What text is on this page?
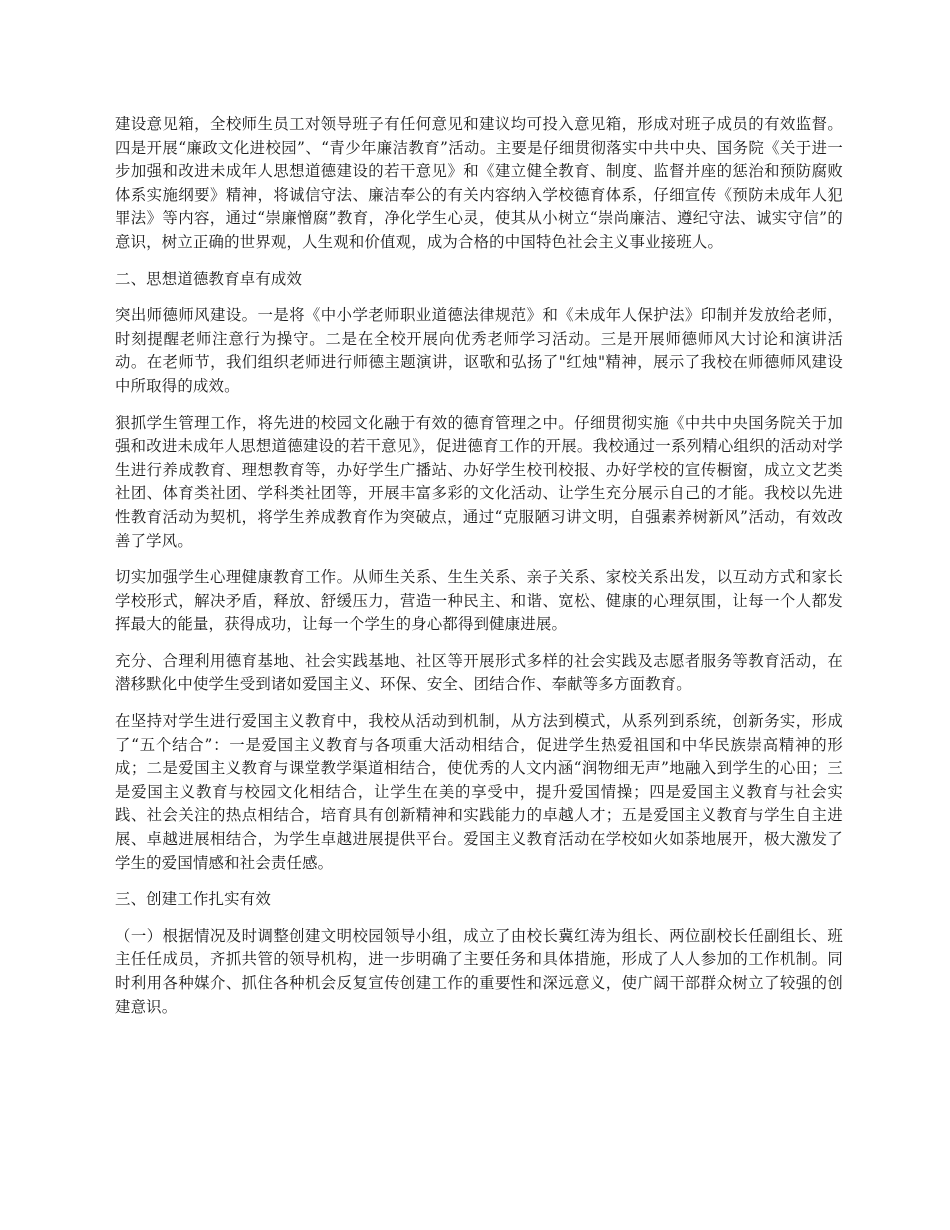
建设意见箱，全校师生员工对领导班子有任何意见和建议均可投入意见箱，形成对班子成员的有效监督。四是开展“廉政文化进校园”、“青少年廉洁教育”活动。主要是仔细贯彻落实中共中央、国务院《关于进一步加强和改进未成年人思想道德建设的若干意见》和《建立健全教育、制度、监督并座的惩治和预防腐败体系实施纲要》精神，将诚信守法、廉洁奉公的有关内容纳入学校德育体系，仔细宣传《预防未成年人犯罪法》等内容，通过“崇廉憎腐”教育，净化学生心灵，使其从小树立“崇尚廉洁、遵纪守法、诚实守信”的意识，树立正确的世界观，人生观和价值观，成为合格的中国特色社会主义事业接班人。

二、思想道德教育卓有成效

突出师德师风建设。一是将《中小学老师职业道德法律规范》和《未成年人保护法》印制并发放给老师，时刻提醒老师注意行为操守。二是在全校开展向优秀老师学习活动。三是开展师德师风大讨论和演讲活动。在老师节，我们组织老师进行师德主题演讲，讴歌和弘扬了"红烛"精神，展示了我校在师德师风建设中所取得的成效。

狠抓学生管理工作，将先进的校园文化融于有效的德育管理之中。仔细贯彻实施《中共中央国务院关于加强和改进未成年人思想道德建设的若干意见》，促进德育工作的开展。我校通过一系列精心组织的活动对学生进行养成教育、理想教育等，办好学生广播站、办好学生校刊校报、办好学校的宣传橱窗，成立文艺类社团、体育类社团、学科类社团等，开展丰富多彩的文化活动、让学生充分展示自己的才能。我校以先进性教育活动为契机，将学生养成教育作为突破点，通过“克服陋习讲文明，自强素养树新风”活动，有效改善了学风。

切实加强学生心理健康教育工作。从师生关系、生生关系、亲子关系、家校关系出发，以互动方式和家长学校形式，解决矛盾，释放、舒缓压力，营造一种民主、和谐、宽松、健康的心理氛围，让每一个人都发挥最大的能量，获得成功，让每一个学生的身心都得到健康进展。

充分、合理利用德育基地、社会实践基地、社区等开展形式多样的社会实践及志愿者服务等教育活动，在潜移默化中使学生受到诸如爱国主义、环保、安全、团结合作、奉献等多方面教育。

在坚持对学生进行爱国主义教育中，我校从活动到机制，从方法到模式，从系列到系统，创新务实，形成了“五个结合”：一是爱国主义教育与各项重大活动相结合，促进学生热爱祖国和中华民族崇高精神的形成；二是爱国主义教育与课堂教学渠道相结合，使优秀的人文内涵“润物细无声”地融入到学生的心田；三是爱国主义教育与校园文化相结合，让学生在美的享受中，提升爱国情操；四是爱国主义教育与社会实践、社会关注的热点相结合，培育具有创新精神和实践能力的卓越人才；五是爱国主义教育与学生自主进展、卓越进展相结合，为学生卓越进展提供平台。爱国主义教育活动在学校如火如荼地展开，极大激发了学生的爱国情感和社会责任感。

三、创建工作扎实有效

（一）根据情况及时调整创建文明校园领导小组，成立了由校长冀红涛为组长、两位副校长任副组长、班主任任成员，齐抓共管的领导机构，进一步明确了主要任务和具体措施，形成了人人参加的工作机制。同时利用各种媒介、抓住各种机会反复宣传创建工作的重要性和深远意义，使广阔干部群众树立了较强的创建意识。
